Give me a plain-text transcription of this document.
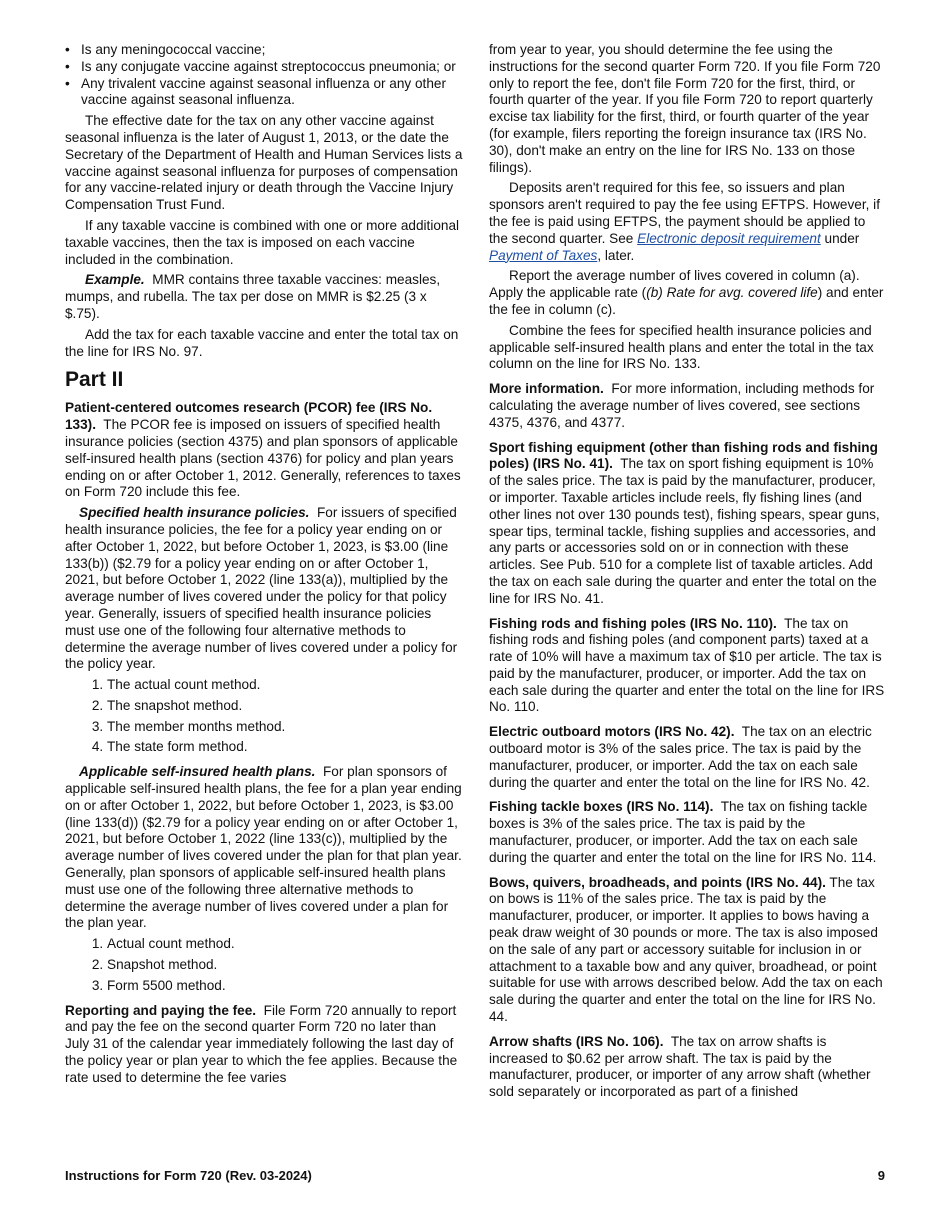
• Is any meningococcal vaccine;

• Is any conjugate vaccine against streptococcus pneumonia; or

• Any trivalent vaccine against seasonal influenza or any other vaccine against seasonal influenza.

The effective date for the tax on any other vaccine against seasonal influenza is the later of August 1, 2013, or the date the Secretary of the Department of Health and Human Services lists a vaccine against seasonal influenza for purposes of compensation for any vaccine-related injury or death through the Vaccine Injury Compensation Trust Fund.

If any taxable vaccine is combined with one or more additional taxable vaccines, then the tax is imposed on each vaccine included in the combination.

Example. MMR contains three taxable vaccines: measles, mumps, and rubella. The tax per dose on MMR is $2.25 (3 x $.75).

Add the tax for each taxable vaccine and enter the total tax on the line for IRS No. 97.

Part II

Patient-centered outcomes research (PCOR) fee (IRS No. 133). The PCOR fee is imposed on issuers of specified health insurance policies (section 4375) and plan sponsors of applicable self-insured health plans (section 4376) for policy and plan years ending on or after October 1, 2012. Generally, references to taxes on Form 720 include this fee.

Specified health insurance policies. For issuers of specified health insurance policies, the fee for a policy year ending on or after October 1, 2022, but before October 1, 2023, is $3.00 (line 133(b)) ($2.79 for a policy year ending on or after October 1, 2021, but before October 1, 2022 (line 133(a)), multiplied by the average number of lives covered under the policy for that policy year. Generally, issuers of specified health insurance policies must use one of the following four alternative methods to determine the average number of lives covered under a policy for the policy year.

1. The actual count method.
2. The snapshot method.
3. The member months method.
4. The state form method.

Applicable self-insured health plans. For plan sponsors of applicable self-insured health plans, the fee for a plan year ending on or after October 1, 2022, but before October 1, 2023, is $3.00 (line 133(d)) ($2.79 for a policy year ending on or after October 1, 2021, but before October 1, 2022 (line 133(c)), multiplied by the average number of lives covered under the plan for that plan year. Generally, plan sponsors of applicable self-insured health plans must use one of the following three alternative methods to determine the average number of lives covered under a plan for the plan year.

1. Actual count method.
2. Snapshot method.
3. Form 5500 method.

Reporting and paying the fee. File Form 720 annually to report and pay the fee on the second quarter Form 720 no later than July 31 of the calendar year immediately following the last day of the policy year or plan year to which the fee applies. Because the rate used to determine the fee varies

from year to year, you should determine the fee using the instructions for the second quarter Form 720. If you file Form 720 only to report the fee, don't file Form 720 for the first, third, or fourth quarter of the year. If you file Form 720 to report quarterly excise tax liability for the first, third, or fourth quarter of the year (for example, filers reporting the foreign insurance tax (IRS No. 30), don't make an entry on the line for IRS No. 133 on those filings).

Deposits aren't required for this fee, so issuers and plan sponsors aren't required to pay the fee using EFTPS. However, if the fee is paid using EFTPS, the payment should be applied to the second quarter. See Electronic deposit requirement under Payment of Taxes, later.

Report the average number of lives covered in column (a). Apply the applicable rate ((b) Rate for avg. covered life) and enter the fee in column (c).

Combine the fees for specified health insurance policies and applicable self-insured health plans and enter the total in the tax column on the line for IRS No. 133.

More information. For more information, including methods for calculating the average number of lives covered, see sections 4375, 4376, and 4377.

Sport fishing equipment (other than fishing rods and fishing poles) (IRS No. 41). The tax on sport fishing equipment is 10% of the sales price. The tax is paid by the manufacturer, producer, or importer. Taxable articles include reels, fly fishing lines (and other lines not over 130 pounds test), fishing spears, spear guns, spear tips, terminal tackle, fishing supplies and accessories, and any parts or accessories sold on or in connection with these articles. See Pub. 510 for a complete list of taxable articles. Add the tax on each sale during the quarter and enter the total on the line for IRS No. 41.

Fishing rods and fishing poles (IRS No. 110). The tax on fishing rods and fishing poles (and component parts) taxed at a rate of 10% will have a maximum tax of $10 per article. The tax is paid by the manufacturer, producer, or importer. Add the tax on each sale during the quarter and enter the total on the line for IRS No. 110.

Electric outboard motors (IRS No. 42). The tax on an electric outboard motor is 3% of the sales price. The tax is paid by the manufacturer, producer, or importer. Add the tax on each sale during the quarter and enter the total on the line for IRS No. 42.

Fishing tackle boxes (IRS No. 114). The tax on fishing tackle boxes is 3% of the sales price. The tax is paid by the manufacturer, producer, or importer. Add the tax on each sale during the quarter and enter the total on the line for IRS No. 114.

Bows, quivers, broadheads, and points (IRS No. 44). The tax on bows is 11% of the sales price. The tax is paid by the manufacturer, producer, or importer. It applies to bows having a peak draw weight of 30 pounds or more. The tax is also imposed on the sale of any part or accessory suitable for inclusion in or attachment to a taxable bow and any quiver, broadhead, or point suitable for use with arrows described below. Add the tax on each sale during the quarter and enter the total on the line for IRS No. 44.

Arrow shafts (IRS No. 106). The tax on arrow shafts is increased to $0.62 per arrow shaft. The tax is paid by the manufacturer, producer, or importer of any arrow shaft (whether sold separately or incorporated as part of a finished

Instructions for Form 720 (Rev. 03-2024)	9
